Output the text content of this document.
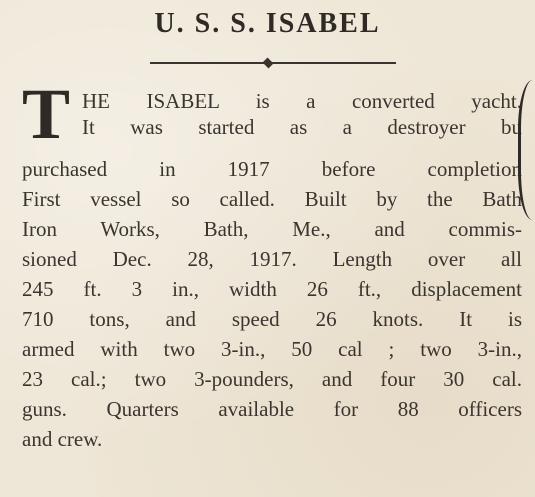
U. S. S. ISABEL
T HE ISABEL is a converted yacht.
It was started as a destroyer bu
purchased in 1917 before completion
First vessel so called. Built by the Bath
Iron Works, Bath, Me., and commis-
sioned Dec. 28, 1917. Length over all
245 ft. 3 in., width 26 ft., displacement
710 tons, and speed 26 knots. It is
armed with two 3-in., 50 cal ; two 3-in.,
23 cal.; two 3-pounders, and four 30 cal.
guns. Quarters available for 88 officers
and crew.
